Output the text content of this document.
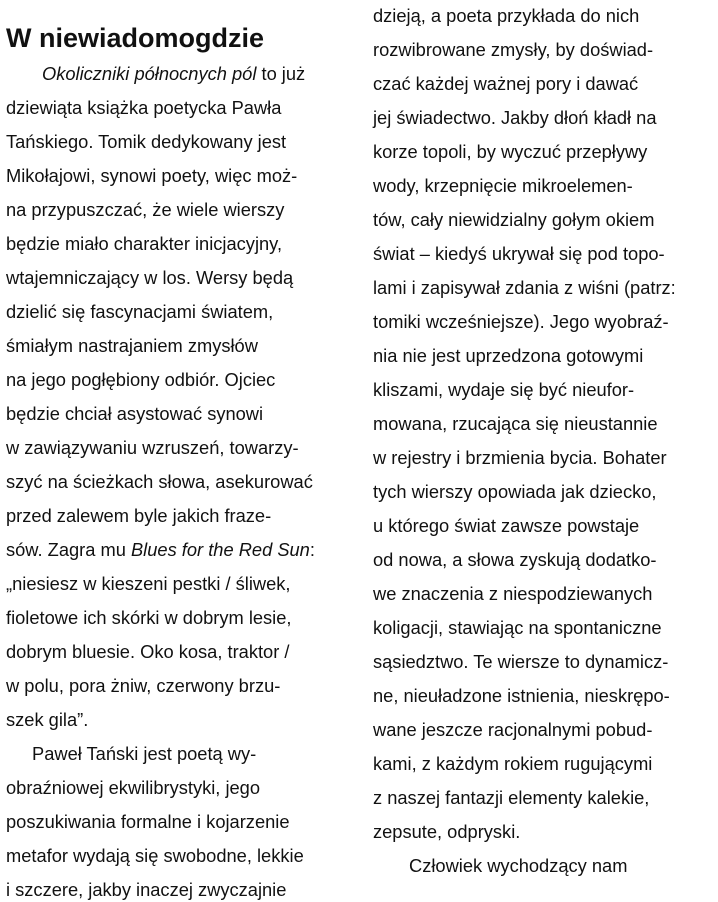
W niewiadomogdzie
Okoliczniki północnych pól to już
dziewiąta książka poetycka Pawła
Tańskiego. Tomik dedykowany jest
Mikołajowi, synowi poety, więc moż-
na przypuszczać, że wiele wierszy
będzie miało charakter inicjacyjny,
wtajemniczający w los. Wersy będą
dzielić się fascynacjami światem,
śmiałym nastrajaniem zmysłów
na jego pogłębiony odbiór. Ojciec
będzie chciał asystować synowi
w zawiązywaniu wzruszeń, towarzy-
szyć na ścieżkach słowa, asekurować
przed zalewem byle jakich fraze-
sów. Zagra mu Blues for the Red Sun:
„niesiesz w kieszeni pestki / śliwek,
fioletowe ich skórki w dobrym lesie,
dobrym bluesie. Oko kosa, traktor /
w polu, pora żniw, czerwony brzu-
szek gila”.
Paweł Tański jest poetą wy-
obraźniowej ekwilibrystyki, jego
poszukiwania formalne i kojarzenie
metafor wydają się swobodne, lekkie
i szczere, jakby inaczej zwyczajnie
dzieją, a poeta przykłada do nich
rozwibrowane zmysły, by doświad-
czać każdej ważnej pory i dawać
jej świadectwo. Jakby dłoń kładł na
korze topoli, by wyczuć przepływy
wody, krzepnięcie mikroelemen-
tów, cały niewidzialny gołym okiem
świat – kiedyś ukrywał się pod topo-
lami i zapisywał zdania z wiśni (patrz:
tomiki wcześniejsze). Jego wyobraź-
nia nie jest uprzedzona gotowymi
kliszami, wydaje się być nieufor-
mowana, rzucająca się nieustannie
w rejestry i brzmienia bycia. Bohater
tych wierszy opowiada jak dziecko,
u którego świat zawsze powstaje
od nowa, a słowa zyskują dodatko-
we znaczenia z niespodziewanych
koligacji, stawiając na spontaniczne
sąsiedztwo. Te wiersze to dynamicz-
ne, nieuładzone istnienia, nieskrępo-
wane jeszcze racjonalnymi pobud-
kami, z każdym rokiem rugującymi
z naszej fantazji elementy kalekie,
zepsute, odpryski.
Człowiek wychodzący nam
